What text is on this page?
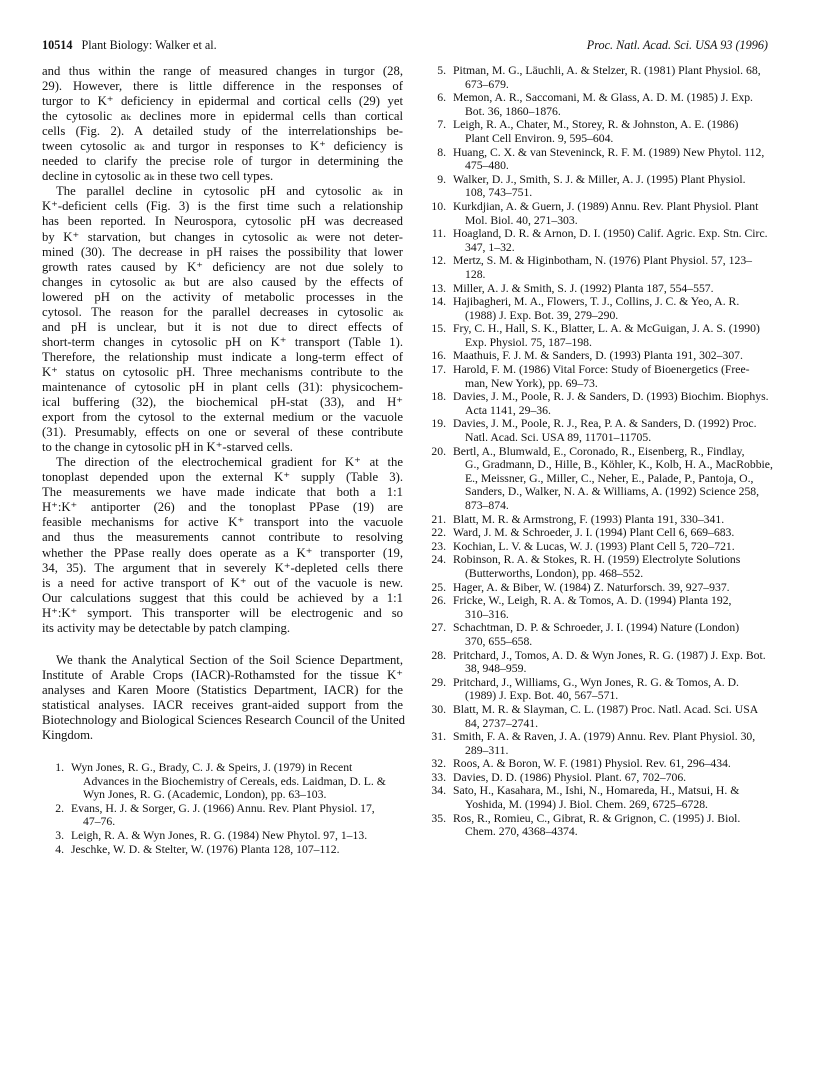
10514 Plant Biology: Walker et al.	Proc. Natl. Acad. Sci. USA 93 (1996)

and thus within the range of measured changes in turgor (28,
29). However, there is little difference in the responses of
turgor to K⁺ deficiency in epidermal and cortical cells (29) yet
the cytosolic aₖ declines more in epidermal cells than cortical
cells (Fig. 2). A detailed study of the interrelationships be-
tween cytosolic aₖ and turgor in responses to K⁺ deficiency is
needed to clarify the precise role of turgor in determining the
decline in cytosolic aₖ in these two cell types.

The parallel decline in cytosolic pH and cytosolic aₖ in
K⁺-deficient cells (Fig. 3) is the first time such a relationship
has been reported. In Neurospora, cytosolic pH was decreased
by K⁺ starvation, but changes in cytosolic aₖ were not deter-
mined (30). The decrease in pH raises the possibility that lower
growth rates caused by K⁺ deficiency are not due solely to
changes in cytosolic aₖ but are also caused by the effects of
lowered pH on the activity of metabolic processes in the
cytosol. The reason for the parallel decreases in cytosolic aₖ
and pH is unclear, but it is not due to direct effects of
short-term changes in cytosolic pH on K⁺ transport (Table 1).
Therefore, the relationship must indicate a long-term effect of
K⁺ status on cytosolic pH. Three mechanisms contribute to the
maintenance of cytosolic pH in plant cells (31): physicochem-
ical buffering (32), the biochemical pH-stat (33), and H⁺
export from the cytosol to the external medium or the vacuole
(31). Presumably, effects on one or several of these contribute
to the change in cytosolic pH in K⁺-starved cells.

The direction of the electrochemical gradient for K⁺ at the
tonoplast depended upon the external K⁺ supply (Table 3).
The measurements we have made indicate that both a 1:1
H⁺:K⁺ antiporter (26) and the tonoplast PPase (19) are
feasible mechanisms for active K⁺ transport into the vacuole
and thus the measurements cannot contribute to resolving
whether the PPase really does operate as a K⁺ transporter (19,
34, 35). The argument that in severely K⁺-depleted cells there
is a need for active transport of K⁺ out of the vacuole is new.
Our calculations suggest that this could be achieved by a 1:1
H⁺:K⁺ symport. This transporter will be electrogenic and so
its activity may be detectable by patch clamping.

We thank the Analytical Section of the Soil Science Department,
Institute of Arable Crops (IACR)-Rothamsted for the tissue K⁺
analyses and Karen Moore (Statistics Department, IACR) for the
statistical analyses. IACR receives grant-aided support from the
Biotechnology and Biological Sciences Research Council of the United
Kingdom.
1. Wyn Jones, R. G., Brady, C. J. & Speirs, J. (1979) in Recent
Advances in the Biochemistry of Cereals, eds. Laidman, D. L. &
Wyn Jones, R. G. (Academic, London), pp. 63–103.
2. Evans, H. J. & Sorger, G. J. (1966) Annu. Rev. Plant Physiol. 17,
47–76.
3. Leigh, R. A. & Wyn Jones, R. G. (1984) New Phytol. 97, 1–13.
4. Jeschke, W. D. & Stelter, W. (1976) Planta 128, 107–112.
5. Pitman, M. G., Läuchli, A. & Stelzer, R. (1981) Plant Physiol. 68,
673–679.
6. Memon, A. R., Saccomani, M. & Glass, A. D. M. (1985) J. Exp.
Bot. 36, 1860–1876.
7. Leigh, R. A., Chater, M., Storey, R. & Johnston, A. E. (1986)
Plant Cell Environ. 9, 595–604.
8. Huang, C. X. & van Steveninck, R. F. M. (1989) New Phytol. 112,
475–480.
9. Walker, D. J., Smith, S. J. & Miller, A. J. (1995) Plant Physiol.
108, 743–751.
10. Kurkdjian, A. & Guern, J. (1989) Annu. Rev. Plant Physiol. Plant
Mol. Biol. 40, 271–303.
11. Hoagland, D. R. & Arnon, D. I. (1950) Calif. Agric. Exp. Stn. Circ.
347, 1–32.
12. Mertz, S. M. & Higinbotham, N. (1976) Plant Physiol. 57, 123–
128.
13. Miller, A. J. & Smith, S. J. (1992) Planta 187, 554–557.
14. Hajibagheri, M. A., Flowers, T. J., Collins, J. C. & Yeo, A. R.
(1988) J. Exp. Bot. 39, 279–290.
15. Fry, C. H., Hall, S. K., Blatter, L. A. & McGuigan, J. A. S. (1990)
Exp. Physiol. 75, 187–198.
16. Maathuis, F. J. M. & Sanders, D. (1993) Planta 191, 302–307.
17. Harold, F. M. (1986) Vital Force: Study of Bioenergetics (Free-
man, New York), pp. 69–73.
18. Davies, J. M., Poole, R. J. & Sanders, D. (1993) Biochim. Biophys.
Acta 1141, 29–36.
19. Davies, J. M., Poole, R. J., Rea, P. A. & Sanders, D. (1992) Proc.
Natl. Acad. Sci. USA 89, 11701–11705.
20. Bertl, A., Blumwald, E., Coronado, R., Eisenberg, R., Findlay,
G., Gradmann, D., Hille, B., Köhler, K., Kolb, H. A., MacRobbie,
E., Meissner, G., Miller, C., Neher, E., Palade, P., Pantoja, O.,
Sanders, D., Walker, N. A. & Williams, A. (1992) Science 258,
873–874.
21. Blatt, M. R. & Armstrong, F. (1993) Planta 191, 330–341.
22. Ward, J. M. & Schroeder, J. I. (1994) Plant Cell 6, 669–683.
23. Kochian, L. V. & Lucas, W. J. (1993) Plant Cell 5, 720–721.
24. Robinson, R. A. & Stokes, R. H. (1959) Electrolyte Solutions
(Butterworths, London), pp. 468–552.
25. Hager, A. & Biber, W. (1984) Z. Naturforsch. 39, 927–937.
26. Fricke, W., Leigh, R. A. & Tomos, A. D. (1994) Planta 192,
310–316.
27. Schachtman, D. P. & Schroeder, J. I. (1994) Nature (London)
370, 655–658.
28. Pritchard, J., Tomos, A. D. & Wyn Jones, R. G. (1987) J. Exp. Bot.
38, 948–959.
29. Pritchard, J., Williams, G., Wyn Jones, R. G. & Tomos, A. D.
(1989) J. Exp. Bot. 40, 567–571.
30. Blatt, M. R. & Slayman, C. L. (1987) Proc. Natl. Acad. Sci. USA
84, 2737–2741.
31. Smith, F. A. & Raven, J. A. (1979) Annu. Rev. Plant Physiol. 30,
289–311.
32. Roos, A. & Boron, W. F. (1981) Physiol. Rev. 61, 296–434.
33. Davies, D. D. (1986) Physiol. Plant. 67, 702–706.
34. Sato, H., Kasahara, M., Ishi, N., Homareda, H., Matsui, H. &
Yoshida, M. (1994) J. Biol. Chem. 269, 6725–6728.
35. Ros, R., Romieu, C., Gibrat, R. & Grignon, C. (1995) J. Biol.
Chem. 270, 4368–4374.
